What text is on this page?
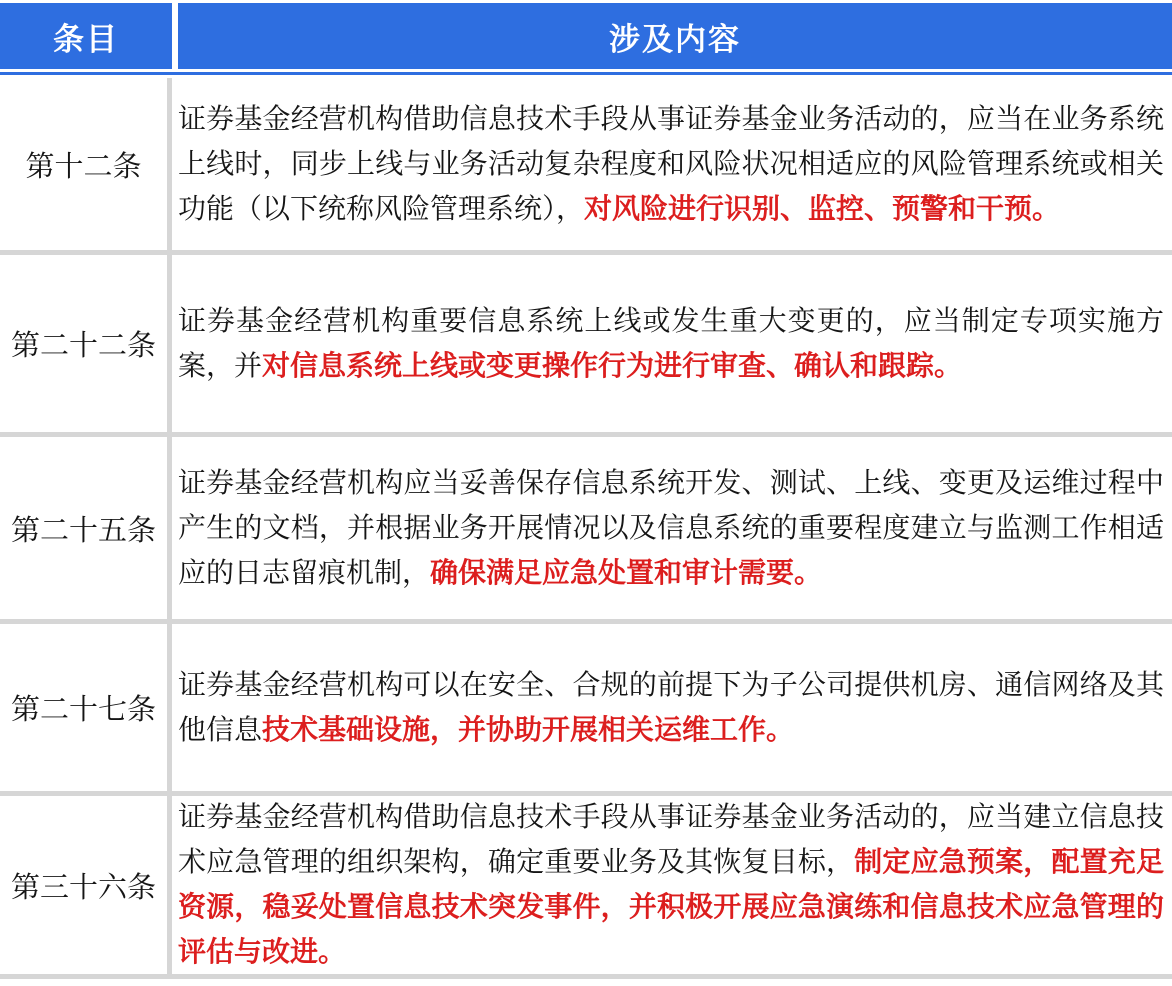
条目	涉及内容
第十二条

证券基金经营机构借助信息技术手段从事证券基金业务活动的，应当在业务系统上线时，同步上线与业务活动复杂程度和风险状况相适应的风险管理系统或相关功能（以下统称风险管理系统），对风险进行识别、监控、预警和干预。

第二十二条

证券基金经营机构重要信息系统上线或发生重大变更的，应当制定专项实施方案，并对信息系统上线或变更操作行为进行审查、确认和跟踪。

第二十五条

证券基金经营机构应当妥善保存信息系统开发、测试、上线、变更及运维过程中产生的文档，并根据业务开展情况以及信息系统的重要程度建立与监测工作相适应的日志留痕机制，确保满足应急处置和审计需要。

第二十七条

证券基金经营机构可以在安全、合规的前提下为子公司提供机房、通信网络及其他信息技术基础设施，并协助开展相关运维工作。

第三十六条

证券基金经营机构借助信息技术手段从事证券基金业务活动的，应当建立信息技术应急管理的组织架构，确定重要业务及其恢复目标，制定应急预案，配置充足资源，稳妥处置信息技术突发事件，并积极开展应急演练和信息技术应急管理的评估与改进。
